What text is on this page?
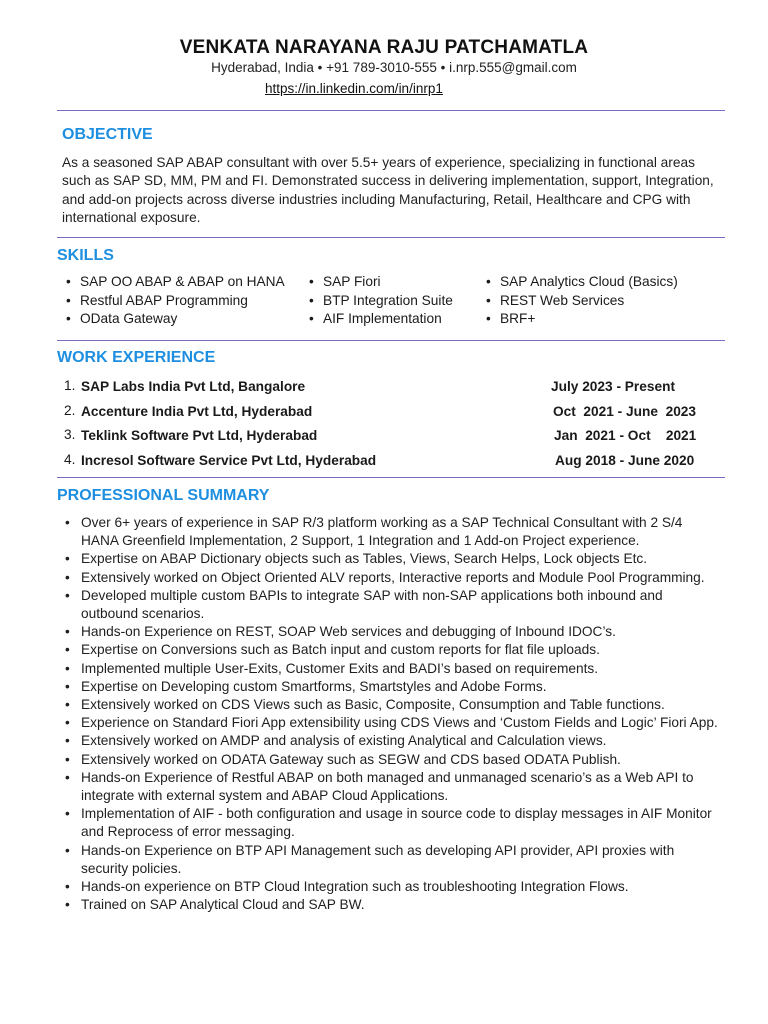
VENKATA NARAYANA RAJU PATCHAMATLA
Hyderabad, India • +91 789-3010-555 • i.nrp.555@gmail.com
https://in.linkedin.com/in/inrp1
OBJECTIVE
As a seasoned SAP ABAP consultant with over 5.5+ years of experience, specializing in functional areas such as SAP SD, MM, PM and FI. Demonstrated success in delivering implementation, support, Integration, and add-on projects across diverse industries including Manufacturing, Retail, Healthcare and CPG with international exposure.
SKILLS
• SAP OO ABAP & ABAP on HANA
• Restful ABAP Programming
• OData Gateway
• SAP Fiori
• BTP Integration Suite
• AIF Implementation
• SAP Analytics Cloud (Basics)
• REST Web Services
• BRF+
WORK EXPERIENCE
1. SAP Labs India Pvt Ltd, Bangalore	July 2023 - Present
2. Accenture India Pvt Ltd, Hyderabad	Oct  2021 - June  2023
3. Teklink Software Pvt Ltd, Hyderabad	Jan  2021 - Oct    2021
4. Incresol Software Service Pvt Ltd, Hyderabad	Aug 2018 - June 2020
PROFESSIONAL SUMMARY
• Over 6+ years of experience in SAP R/3 platform working as a SAP Technical Consultant with 2 S/4 HANA Greenfield Implementation, 2 Support, 1 Integration and 1 Add-on Project experience.
• Expertise on ABAP Dictionary objects such as Tables, Views, Search Helps, Lock objects Etc.
• Extensively worked on Object Oriented ALV reports, Interactive reports and Module Pool Programming.
• Developed multiple custom BAPIs to integrate SAP with non-SAP applications both inbound and outbound scenarios.
• Hands-on Experience on REST, SOAP Web services and debugging of Inbound IDOC’s.
• Expertise on Conversions such as Batch input and custom reports for flat file uploads.
• Implemented multiple User-Exits, Customer Exits and BADI’s based on requirements.
• Expertise on Developing custom Smartforms, Smartstyles and Adobe Forms.
• Extensively worked on CDS Views such as Basic, Composite, Consumption and Table functions.
• Experience on Standard Fiori App extensibility using CDS Views and ‘Custom Fields and Logic’ Fiori App.
• Extensively worked on AMDP and analysis of existing Analytical and Calculation views.
• Extensively worked on ODATA Gateway such as SEGW and CDS based ODATA Publish.
• Hands-on Experience of Restful ABAP on both managed and unmanaged scenario’s as a Web API to integrate with external system and ABAP Cloud Applications.
• Implementation of AIF - both configuration and usage in source code to display messages in AIF Monitor and Reprocess of error messaging.
• Hands-on Experience on BTP API Management such as developing API provider, API proxies with security policies.
• Hands-on experience on BTP Cloud Integration such as troubleshooting Integration Flows.
• Trained on SAP Analytical Cloud and SAP BW.
